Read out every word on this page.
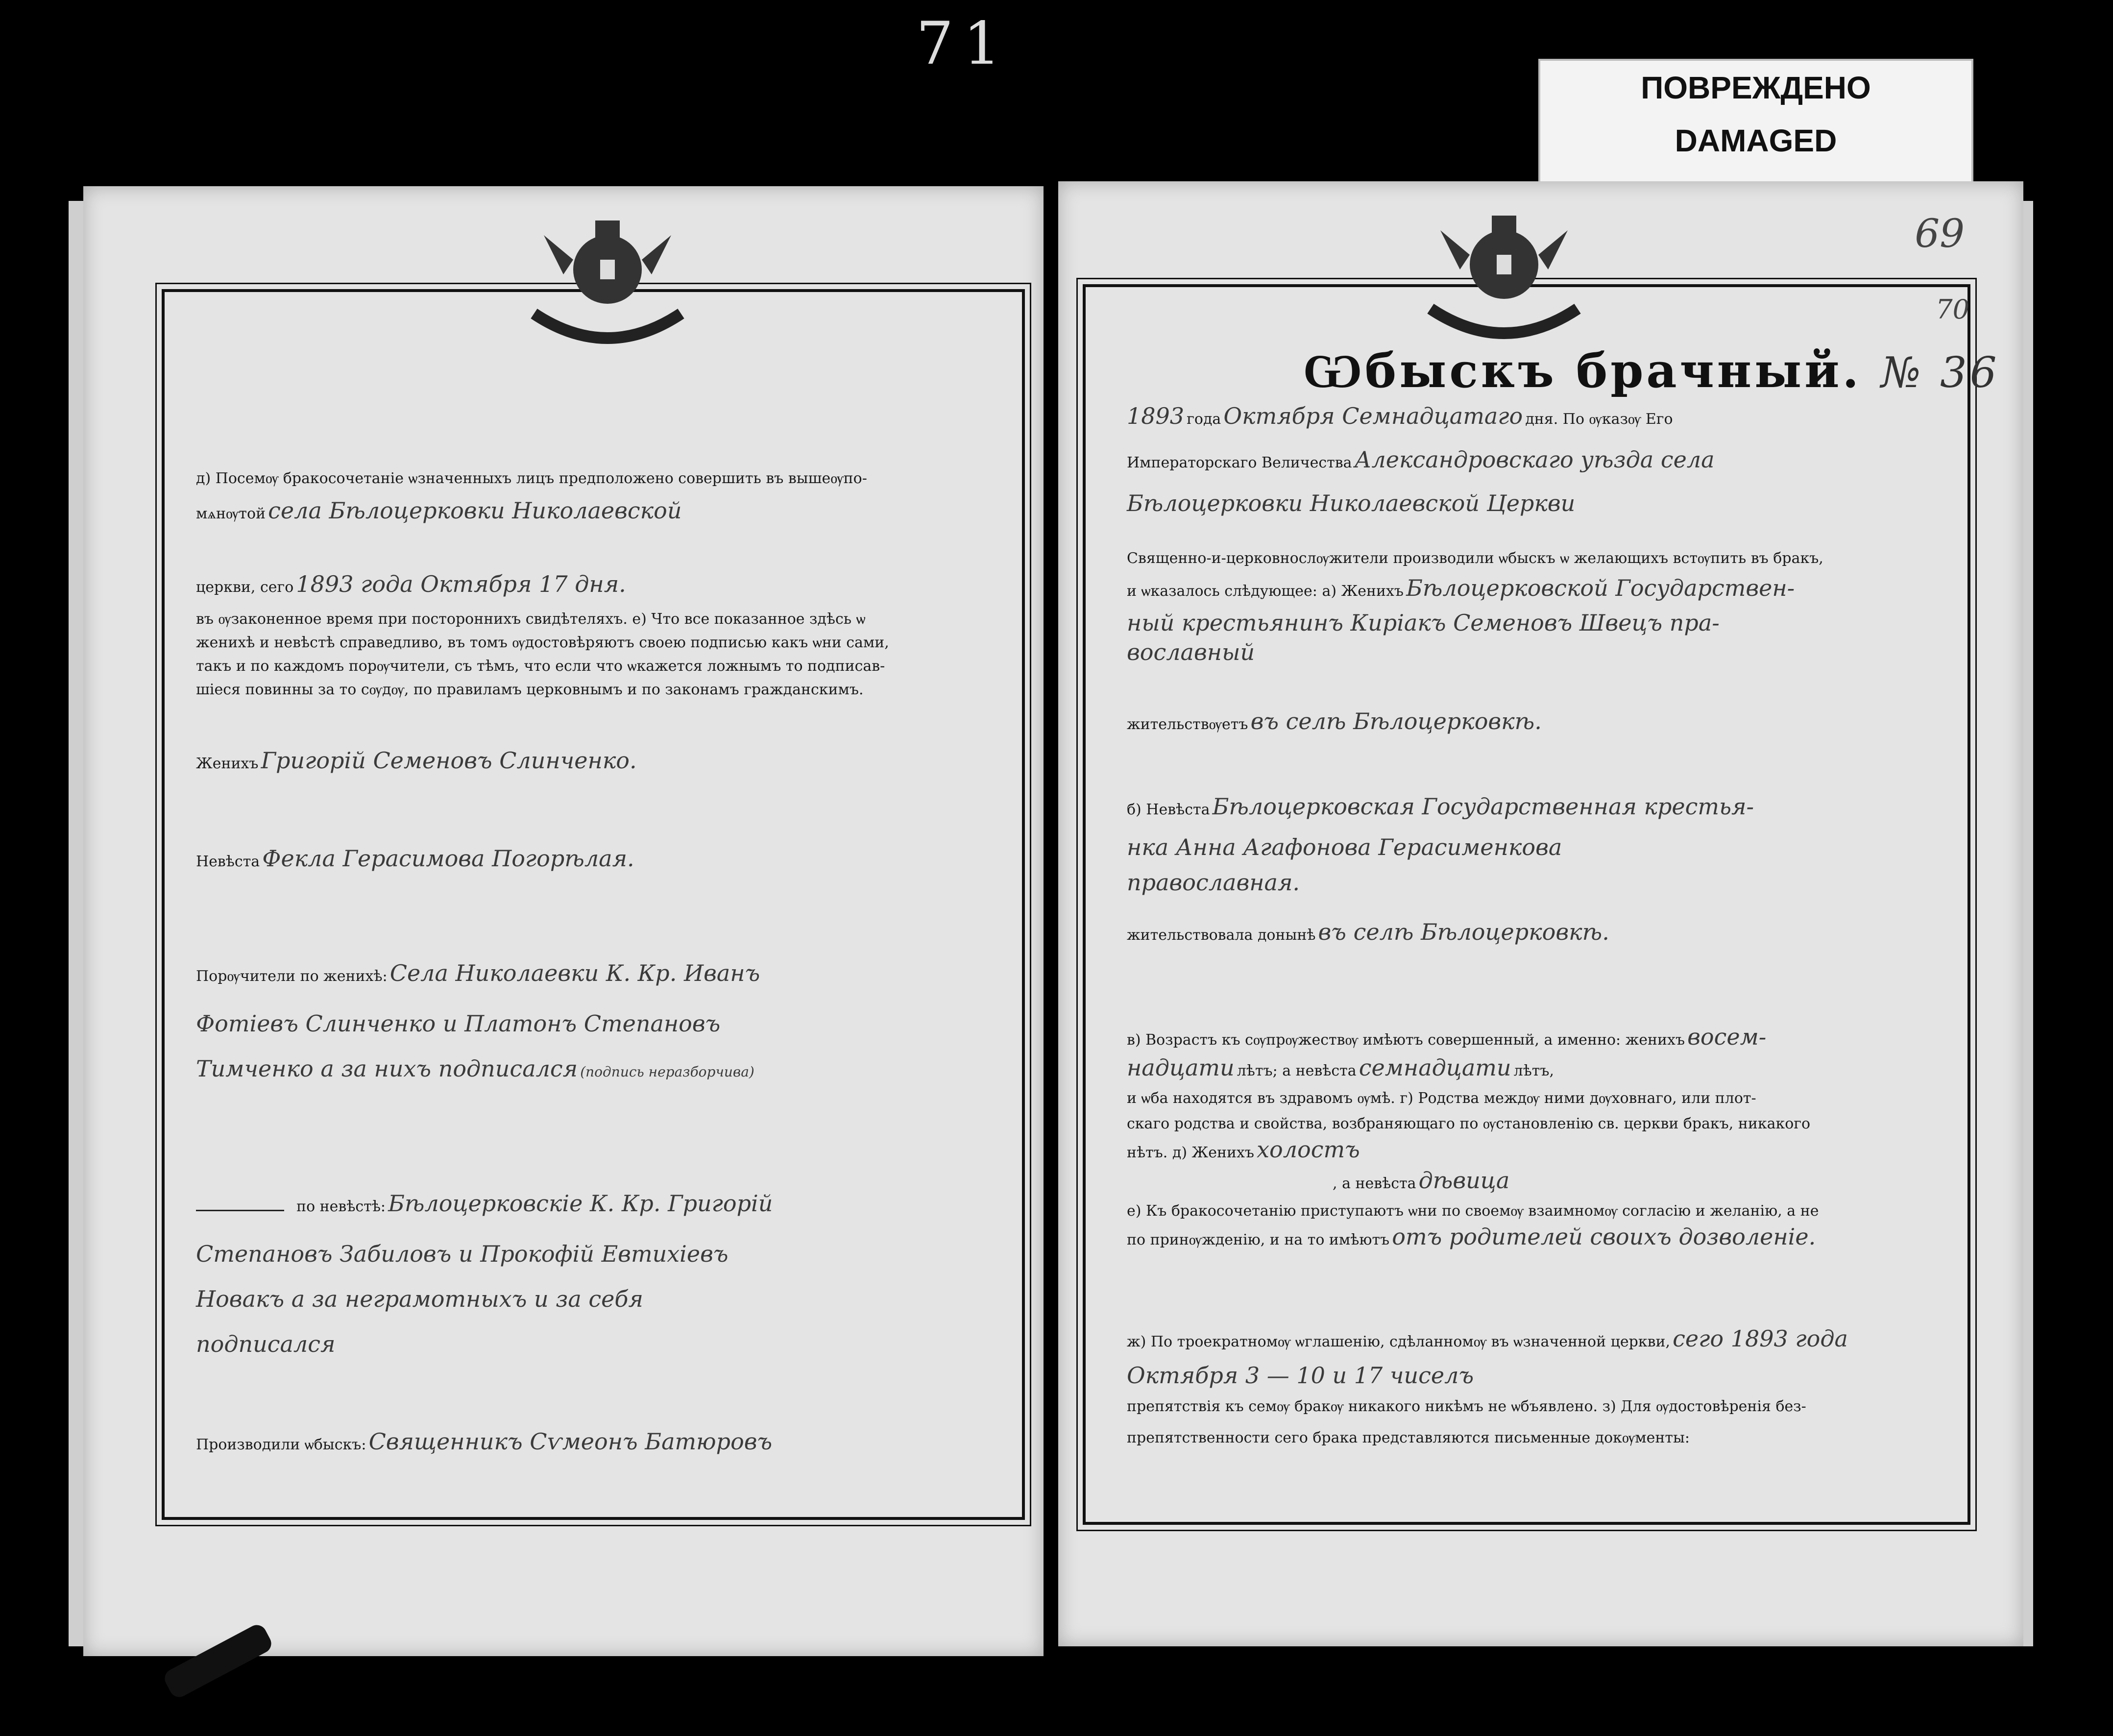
71
ПОВРЕЖДЕНО
DAMAGED
д) Посемѹ бракосочетаніе ѡзначенныхъ лицъ предположено совершить въ вышеѹпо-
мѧнѹтой села Бѣлоцерковки Николаевской
церкви, сего 1893 года Октября 17 дня.
въ ѹзаконенное время при постороннихъ свидѣтеляхъ. е) Что все показанное здѣсь ѡ
женихѣ и невѣстѣ справедливо, въ томъ ѹдостовѣряютъ своею подписью какъ ѡни сами,
такъ и по каждомъ порѹчители, съ тѣмъ, что если что ѡкажется ложнымъ то подписав-
шіеся повинны за то сѹдѹ, по правиламъ церковнымъ и по законамъ гражданскимъ.
Женихъ Григорій Семеновъ Слинченко.
Невѣста Фекла Герасимова Погорѣлая.
Порѹчители по женихѣ: Села Николаевки К. Кр. Иванъ
Фотіевъ Слинченко и Платонъ Степановъ
Тимченко а за нихъ подписался (подпись неразборчива)
по невѣстѣ: Бѣлоцерковскіе К. Кр. Григорій
Степановъ Забиловъ и Прокофій Евтихіевъ
Новакъ а за неграмотныхъ и за себя
подписался
Производили ѡбыскъ: Священникъ Сѵмеонъ Батюровъ
69
70
Ѡбыскъ брачный. № 36
1893 года Октября Семнадцатаго дня. По ѹказѹ Его
Императорскаго Величества Александровскаго уѣзда села
Бѣлоцерковки Николаевской Церкви
Священно-и-церковнослѹжители производили ѡбыскъ ѡ желающихъ встѹпить въ бракъ,
и ѡказалось слѣдующее: а) Женихъ Бѣлоцерковской Государствен-
ный крестьянинъ Киріакъ Семеновъ Швецъ пра-
вославный
жительствѹетъ въ селѣ Бѣлоцерковкѣ.
б) Невѣста Бѣлоцерковская Государственная крестья-
нка Анна Агафонова Герасименкова
православная.
жительствовала донынѣ въ селѣ Бѣлоцерковкѣ.
в) Возрастъ къ сѹпрѹжествѹ имѣютъ совершенный, а именно: женихъ восем-
надцати лѣтъ; а невѣста семнадцати лѣтъ,
и ѡба находятся въ здравомъ ѹмѣ. г) Родства междѹ ними дѹховнаго, или плот-
скаго родства и свойства, возбраняющаго по ѹстановленію св. церкви бракъ, никакого
нѣтъ. д) Женихъ холостъ
, а невѣста дѣвица
е) Къ бракосочетанію приступаютъ ѡни по своемѹ взаимномѹ согласію и желанію, а не
по принѹжденію, и на то имѣютъ отъ родителей своихъ дозволеніе.
ж) По троекратномѹ ѡглашенію, сдѣланномѹ въ ѡзначенной церкви, сего 1893 года
Октября 3 — 10 и 17 чиселъ
препятствія къ семѹ бракѹ никакого никѣмъ не ѡбъявлено. з) Для ѹдостовѣренія без-
препятственности сего брака представляются письменные докѹменты:
